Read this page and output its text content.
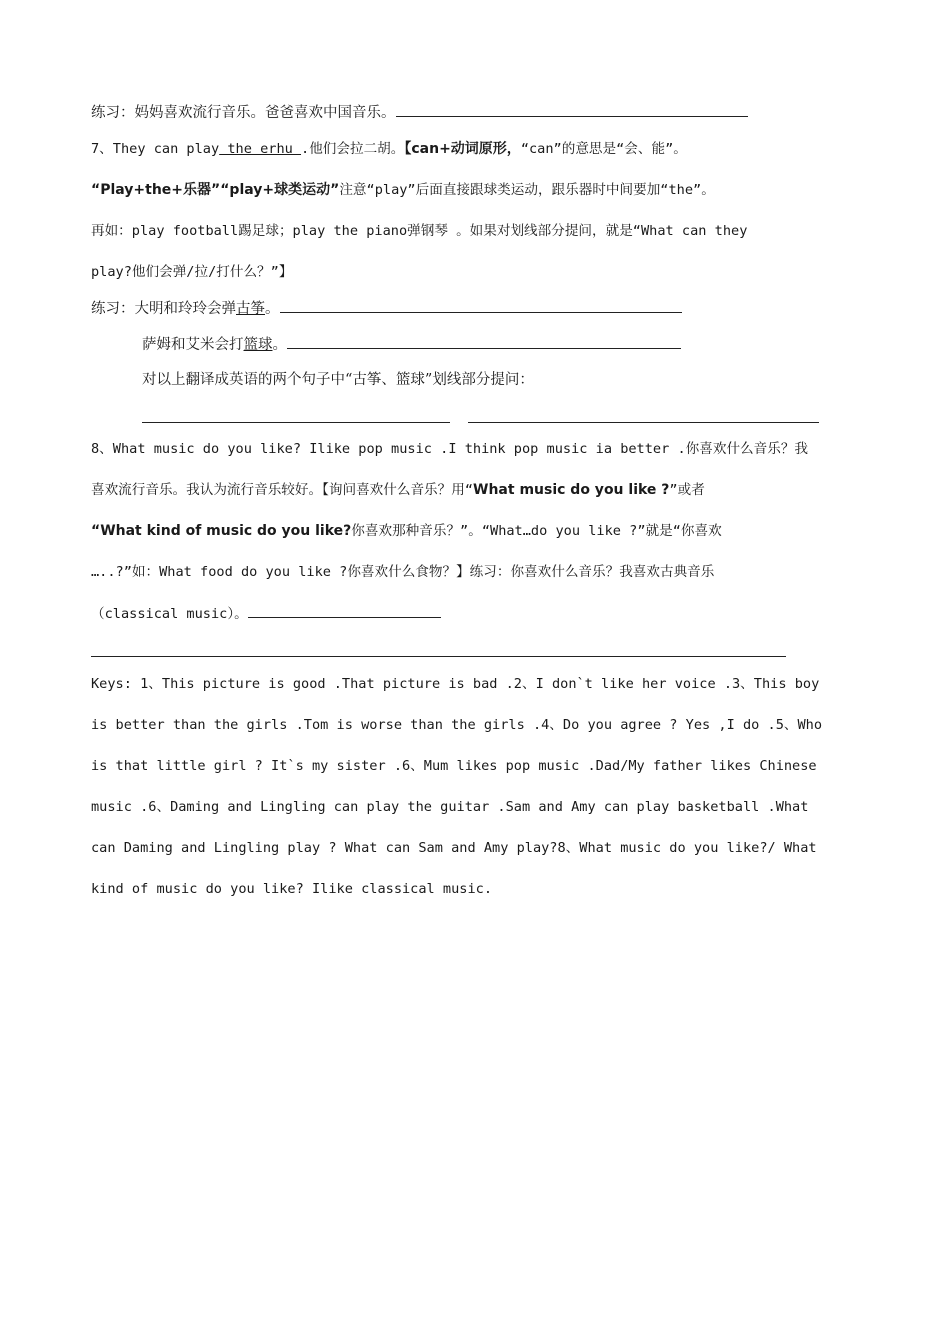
练习：妈妈喜欢流行音乐。爸爸喜欢中国音乐。
7、They can play the erhu .他们会拉二胡。【can+动词原形，“can”的意思是“会、能”。
“Play+the+乐器”“play+球类运动”注意“play”后面直接跟球类运动，跟乐器时中间要加“the”。
再如：play football踢足球；play the piano弹钢琴 。如果对划线部分提问，就是“What can they
play?他们会弹/拉/打什么？”】
练习：大明和玲玲会弹古筝。
萨姆和艾米会打篮球。
对以上翻译成英语的两个句子中“古筝、篮球”划线部分提问：
8、What music do you like? Ilike pop music .I think pop music ia better .你喜欢什么音乐？我
喜欢流行音乐。我认为流行音乐较好。【询问喜欢什么音乐？用“What music do you like ?”或者
“What kind of music do you like?你喜欢那种音乐？”。“What…do you like ?”就是“你喜欢
…..?”如：What food do you like ?你喜欢什么食物？】练习：你喜欢什么音乐？我喜欢古典音乐
（classical music）。
Keys: 1、This picture is good .That picture is bad .2、I don`t like her voice .3、This boy
is better than the girls .Tom is worse than the girls .4、Do you agree ? Yes ,I do .5、Who
is that little girl ? It`s my sister .6、Mum likes pop music .Dad/My father likes Chinese
music .6、Daming and Lingling can play the guitar .Sam and Amy can play basketball .What
can Daming and Lingling play ? What can Sam and Amy play?8、What music do you like?/ What
kind of music do you like? Ilike classical music.
